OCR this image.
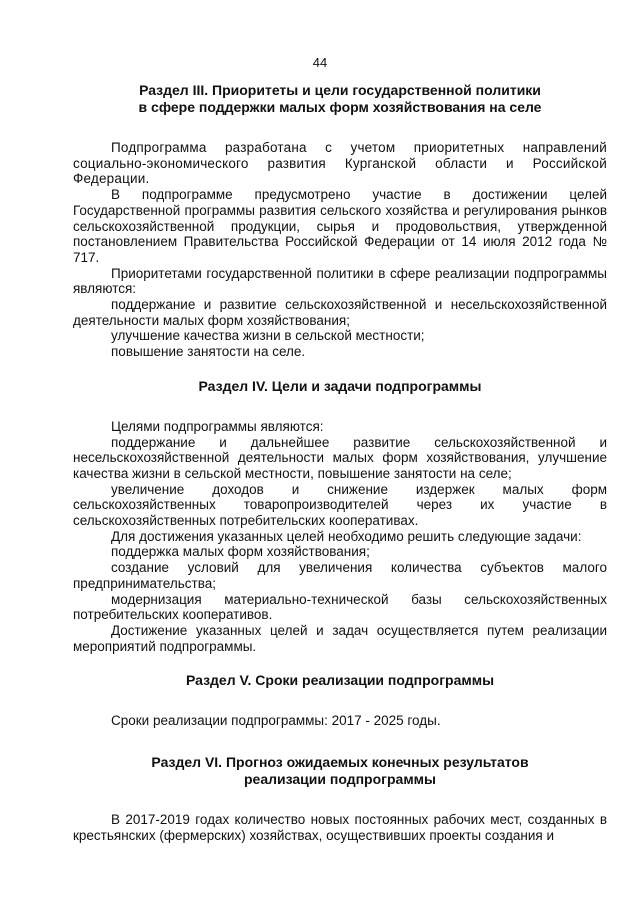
44
Раздел III. Приоритеты и цели государственной политики
в сфере поддержки малых форм хозяйствования на селе

Подпрограмма разработана с учетом приоритетных направлений социально-экономического развития Курганской области и Российской Федерации.

В подпрограмме предусмотрено участие в достижении целей Государственной программы развития сельского хозяйства и регулирования рынков сельскохозяйственной продукции, сырья и продовольствия, утвержденной постановлением Правительства Российской Федерации от 14 июля 2012 года № 717.

Приоритетами государственной политики в сфере реализации подпрограммы являются:

поддержание и развитие сельскохозяйственной и несельскохозяйственной деятельности малых форм хозяйствования;

улучшение качества жизни в сельской местности;

повышение занятости на селе.

Раздел IV. Цели и задачи подпрограммы

Целями подпрограммы являются:

поддержание и дальнейшее развитие сельскохозяйственной и несельскохозяйственной деятельности малых форм хозяйствования, улучшение качества жизни в сельской местности, повышение занятости на селе;

увеличение доходов и снижение издержек малых форм сельскохозяйственных товаропроизводителей через их участие в сельскохозяйственных потребительских кооперативах.

Для достижения указанных целей необходимо решить следующие задачи:

поддержка малых форм хозяйствования;

создание условий для увеличения количества субъектов малого предпринимательства;

модернизация материально-технической базы сельскохозяйственных потребительских кооперативов.

Достижение указанных целей и задач осуществляется путем реализации мероприятий подпрограммы.

Раздел V. Сроки реализации подпрограммы

Сроки реализации подпрограммы: 2017 - 2025 годы.

Раздел VI. Прогноз ожидаемых конечных результатов
реализации подпрограммы

В 2017-2019 годах количество новых постоянных рабочих мест, созданных в крестьянских (фермерских) хозяйствах, осуществивших проекты создания и
